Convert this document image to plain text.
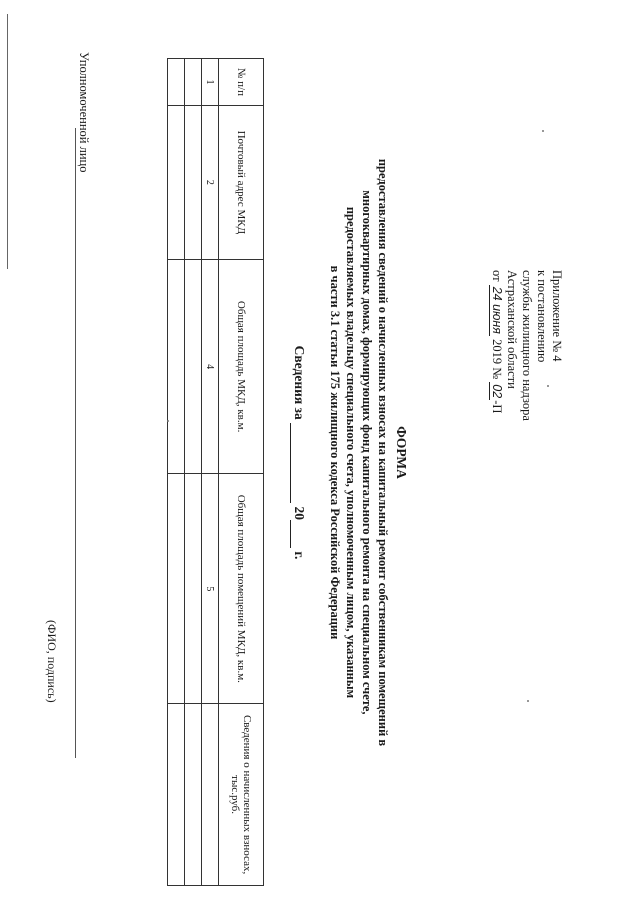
Приложение № 4
к постановлению
службы жилищного надзора
Астраханской области
от 24 июня 2019 № 02-П
ФОРМА
предоставления сведений о начисленных взносах на капитальный ремонт собственникам помещений в
многоквартирных домах, формирующих фонд капитального ремонта на специальном счете,
предоставляемых владельцу специального счета, уполномоченным лицом, указанным
в части 3.1 статьи 175 жилищного кодекса Российской Федерации
Сведения за   20  г.
№ п/п	Почтовый адрес МКД	Общая площадь МКД, кв.м.	Общая площадь помещений МКД, кв.м.	Сведения о начисленных взносах, тыс.руб.
1	2	4	5	

Уполномоченной лицо
(ФИО, подпись)
